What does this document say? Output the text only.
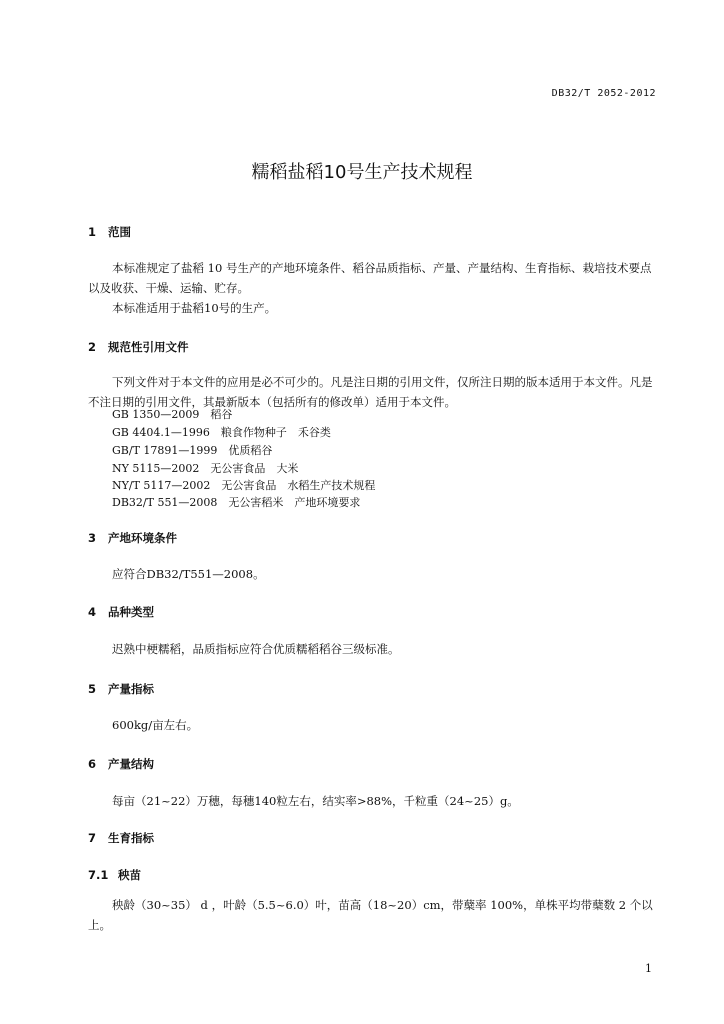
DB32/T 2052-2012
糯稻盐稻10号生产技术规程
1 范围
本标准规定了盐稻 10 号生产的产地环境条件、稻谷品质指标、产量、产量结构、生育指标、栽培技术要点以及收获、干燥、运输、贮存。
本标准适用于盐稻10号的生产。
2 规范性引用文件
下列文件对于本文件的应用是必不可少的。凡是注日期的引用文件，仅所注日期的版本适用于本文件。凡是不注日期的引用文件，其最新版本（包括所有的修改单）适用于本文件。
GB 1350—2009　稻谷
GB 4404.1—1996　粮食作物种子　禾谷类
GB/T 17891—1999　优质稻谷
NY 5115—2002　无公害食品　大米
NY/T 5117—2002　无公害食品　水稻生产技术规程
DB32/T 551—2008　无公害稻米　产地环境要求
3 产地环境条件
应符合DB32/T551—2008。
4 品种类型
迟熟中梗糯稻，品质指标应符合优质糯稻稻谷三级标准。
5 产量指标
600kg/亩左右。
6 产量结构
每亩（21~22）万穗，每穗140粒左右，结实率>88%，千粒重（24~25）g。
7 生育指标
7.1 秧苗
秧龄（30~35） d ，叶龄（5.5~6.0）叶，苗高（18~20）cm，带蘖率 100%，单株平均带蘖数 2 个以上。
1
